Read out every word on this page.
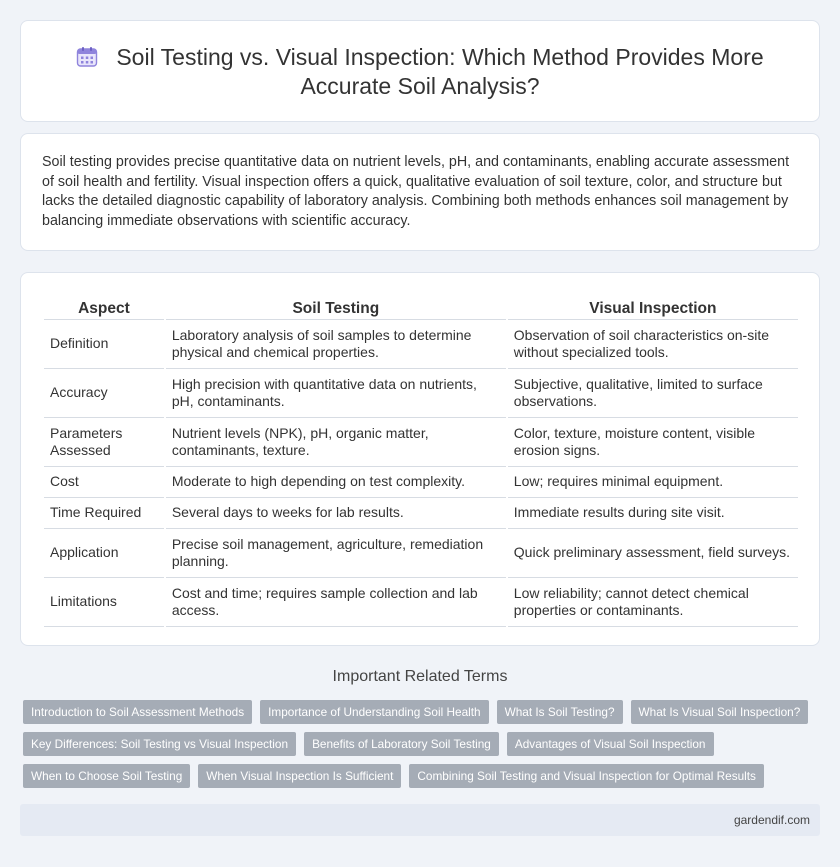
Soil Testing vs. Visual Inspection: Which Method Provides More Accurate Soil Analysis?

Soil testing provides precise quantitative data on nutrient levels, pH, and contaminants, enabling accurate assessment of soil health and fertility. Visual inspection offers a quick, qualitative evaluation of soil texture, color, and structure but lacks the detailed diagnostic capability of laboratory analysis. Combining both methods enhances soil management by balancing immediate observations with scientific accuracy.

Aspect	Soil Testing	Visual Inspection
Definition	Laboratory analysis of soil samples to determine physical and chemical properties.	Observation of soil characteristics on-site without specialized tools.
Accuracy	High precision with quantitative data on nutrients, pH, contaminants.	Subjective, qualitative, limited to surface observations.
Parameters Assessed	Nutrient levels (NPK), pH, organic matter, contaminants, texture.	Color, texture, moisture content, visible erosion signs.
Cost	Moderate to high depending on test complexity.	Low; requires minimal equipment.
Time Required	Several days to weeks for lab results.	Immediate results during site visit.
Application	Precise soil management, agriculture, remediation planning.	Quick preliminary assessment, field surveys.
Limitations	Cost and time; requires sample collection and lab access.	Low reliability; cannot detect chemical properties or contaminants.
Important Related Terms
Introduction to Soil Assessment Methods	Importance of Understanding Soil Health	What Is Soil Testing?	What Is Visual Soil Inspection?
Key Differences: Soil Testing vs Visual Inspection	Benefits of Laboratory Soil Testing	Advantages of Visual Soil Inspection
When to Choose Soil Testing	When Visual Inspection Is Sufficient	Combining Soil Testing and Visual Inspection for Optimal Results
gardendif.com
